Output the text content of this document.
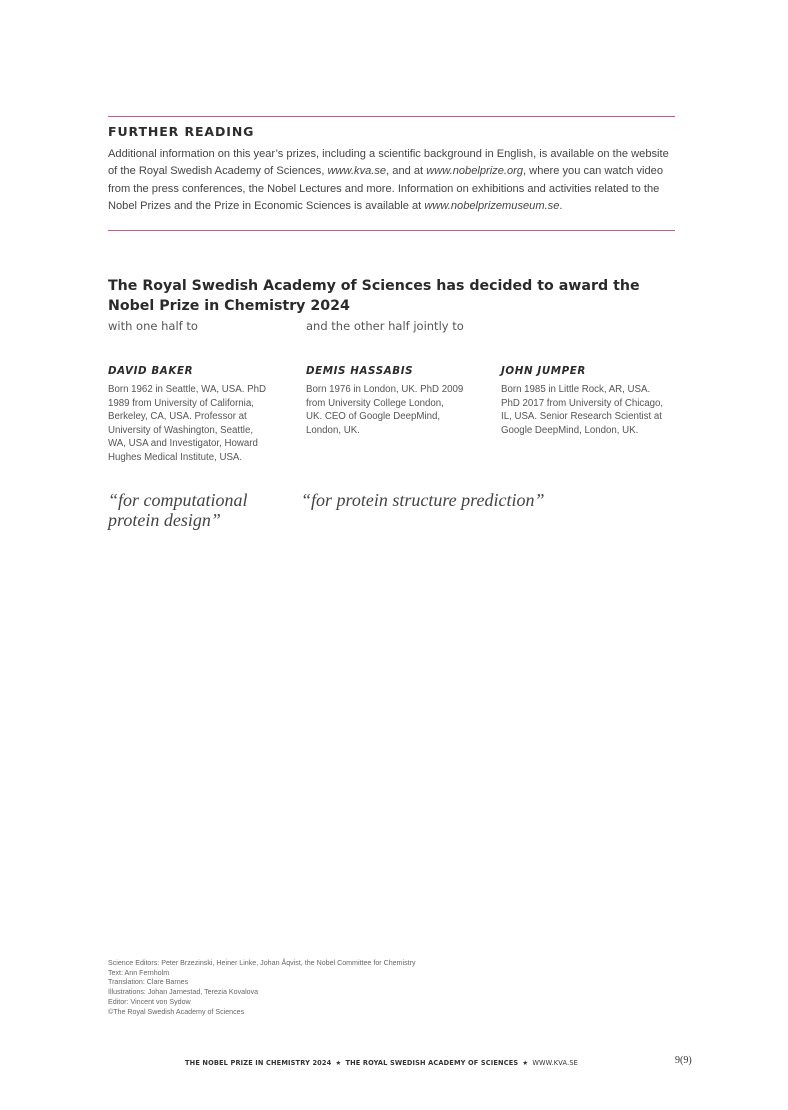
FURTHER READING
Additional information on this year’s prizes, including a scientific background in English, is available on the website of the Royal Swedish Academy of Sciences, www.kva.se, and at www.nobelprize.org, where you can watch video from the press conferences, the Nobel Lectures and more. Information on exhibitions and activities related to the Nobel Prizes and the Prize in Economic Sciences is available at www.nobelprizemuseum.se.
The Royal Swedish Academy of Sciences has decided to award the Nobel Prize in Chemistry 2024
with one half to	and the other half jointly to
DAVID BAKER
Born 1962 in Seattle, WA, USA. PhD
1989 from University of California,
Berkeley, CA, USA. Professor at
University of Washington, Seattle,
WA, USA and Investigator, Howard
Hughes Medical Institute, USA.
DEMIS HASSABIS
Born 1976 in London, UK. PhD 2009
from University College London,
UK. CEO of Google DeepMind,
London, UK.
JOHN JUMPER
Born 1985 in Little Rock, AR, USA.
PhD 2017 from University of Chicago,
IL, USA. Senior Research Scientist at
Google DeepMind, London, UK.
“for computational
protein design”
“for protein structure prediction”
Science Editors: Peter Brzezinski, Heiner Linke, Johan Åqvist, the Nobel Committee for Chemistry
Text: Ann Fernholm
Translation: Clare Barnes
Illustrations: Johan Jarnestad, Terezia Kovalova
Editor: Vincent von Sydow
©The Royal Swedish Academy of Sciences
THE NOBEL PRIZE IN CHEMISTRY 2024 ★ THE ROYAL SWEDISH ACADEMY OF SCIENCES ★ WWW.KVA.SE	9(9)
